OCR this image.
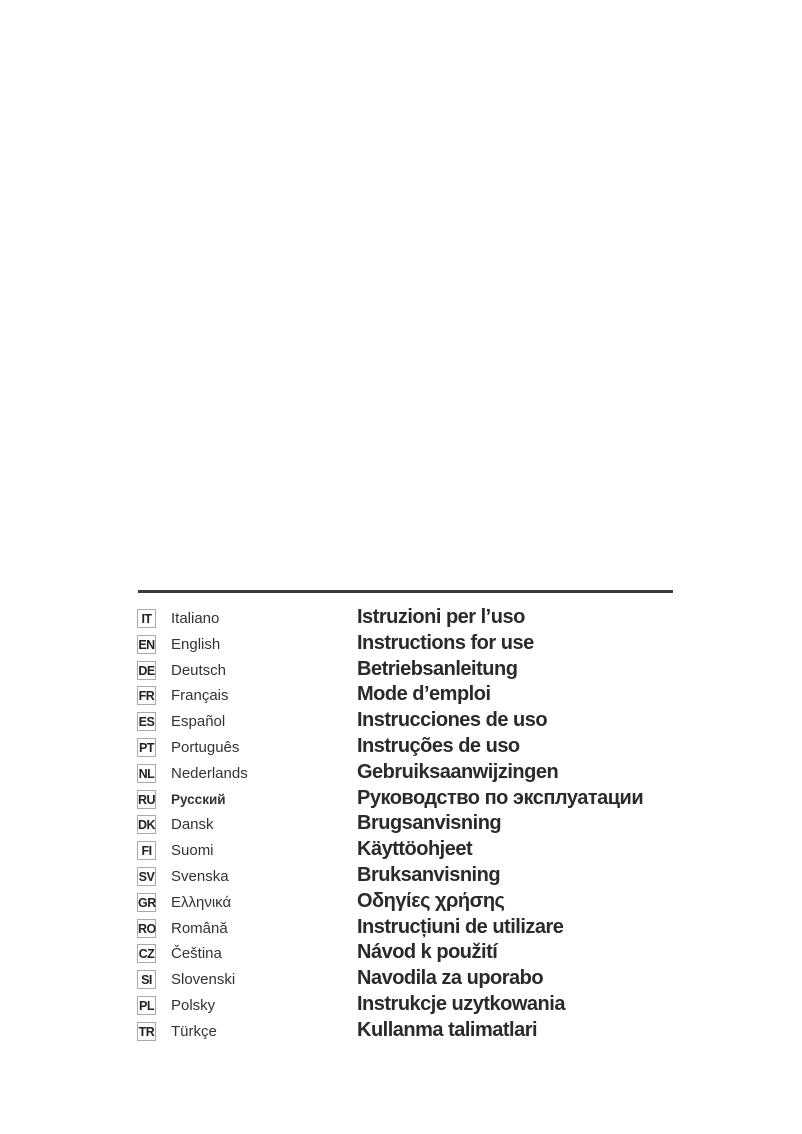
IT Italiano	Istruzioni per l’uso
EN English	Instructions for use
DE Deutsch	Betriebsanleitung
FR Français	Mode d’emploi
ES Español	Instrucciones de uso
PT Português	Instruções de uso
NL Nederlands	Gebruiksaanwijzingen
RU Русский	Руководство по эксплуатации
DK Dansk	Brugsanvisning
FI Suomi	Käyttöohjeet
SV Svenska	Bruksanvisning
GR Ελληνικά	Οδηγίες χρήσης
RO Română	Instrucțiuni de utilizare
CZ Čeština	Návod k použití
SI Slovenski	Navodila za uporabo
PL Polsky	Instrukcje uzytkowania
TR Türkçe	Kullanma talimatlari
